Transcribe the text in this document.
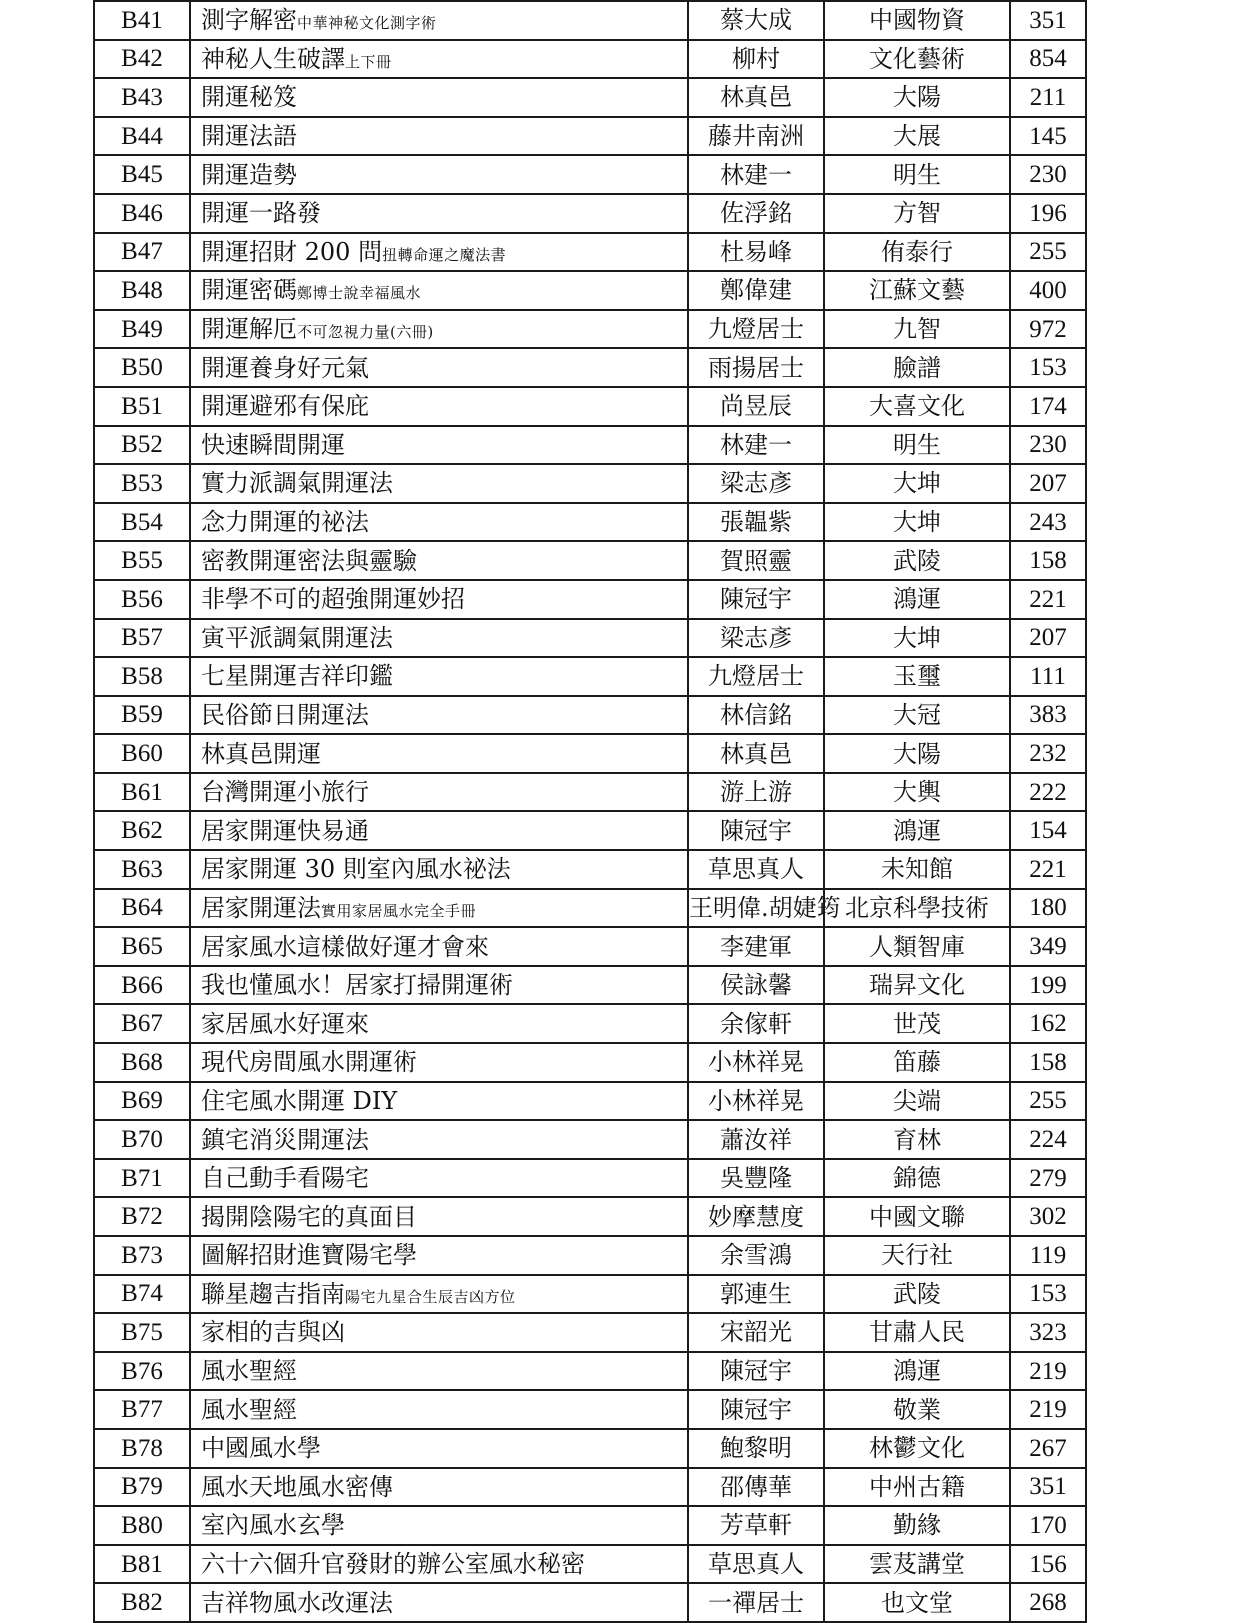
B41	測字解密中華神秘文化測字術	蔡大成	中國物資	351
B42	神秘人生破譯上下冊	柳村	文化藝術	854
B43	開運秘笈	林真邑	大陽	211
B44	開運法語	藤井南洲	大展	145
B45	開運造勢	林建一	明生	230
B46	開運一路發	佐浮銘	方智	196
B47	開運招財 200 問扭轉命運之魔法書	杜易峰	侑泰行	255
B48	開運密碼鄭博士說幸福風水	鄭偉建	江蘇文藝	400
B49	開運解厄不可忽視力量(六冊)	九燈居士	九智	972
B50	開運養身好元氣	雨揚居士	臉譜	153
B51	開運避邪有保庇	尚昱辰	大喜文化	174
B52	快速瞬間開運	林建一	明生	230
B53	實力派調氣開運法	梁志彥	大坤	207
B54	念力開運的祕法	張韞紫	大坤	243
B55	密教開運密法與靈驗	賀照靈	武陵	158
B56	非學不可的超強開運妙招	陳冠宇	鴻運	221
B57	寅平派調氣開運法	梁志彥	大坤	207
B58	七星開運吉祥印鑑	九燈居士	玉璽	111
B59	民俗節日開運法	林信銘	大冠	383
B60	林真邑開運	林真邑	大陽	232
B61	台灣開運小旅行	游上游	大輿	222
B62	居家開運快易通	陳冠宇	鴻運	154
B63	居家開運 30 則室內風水祕法	草思真人	未知館	221
B64	居家開運法實用家居風水完全手冊	王明偉.胡婕筠	北京科學技術	180
B65	居家風水這樣做好運才會來	李建軍	人類智庫	349
B66	我也懂風水！居家打掃開運術	侯詠馨	瑞昇文化	199
B67	家居風水好運來	余傢軒	世茂	162
B68	現代房間風水開運術	小林祥晃	笛藤	158
B69	住宅風水開運 DIY	小林祥晃	尖端	255
B70	鎮宅消災開運法	蕭汝祥	育林	224
B71	自己動手看陽宅	吳豐隆	錦德	279
B72	揭開陰陽宅的真面目	妙摩慧度	中國文聯	302
B73	圖解招財進寶陽宅學	余雪鴻	天行社	119
B74	聯星趨吉指南陽宅九星合生辰吉凶方位	郭連生	武陵	153
B75	家相的吉與凶	宋韶光	甘肅人民	323
B76	風水聖經	陳冠宇	鴻運	219
B77	風水聖經	陳冠宇	敬業	219
B78	中國風水學	鮑黎明	林鬱文化	267
B79	風水天地風水密傳	邵傳華	中州古籍	351
B80	室內風水玄學	芳草軒	勤緣	170
B81	六十六個升官發財的辦公室風水秘密	草思真人	雲芨講堂	156
B82	吉祥物風水改運法	一禪居士	也文堂	268
